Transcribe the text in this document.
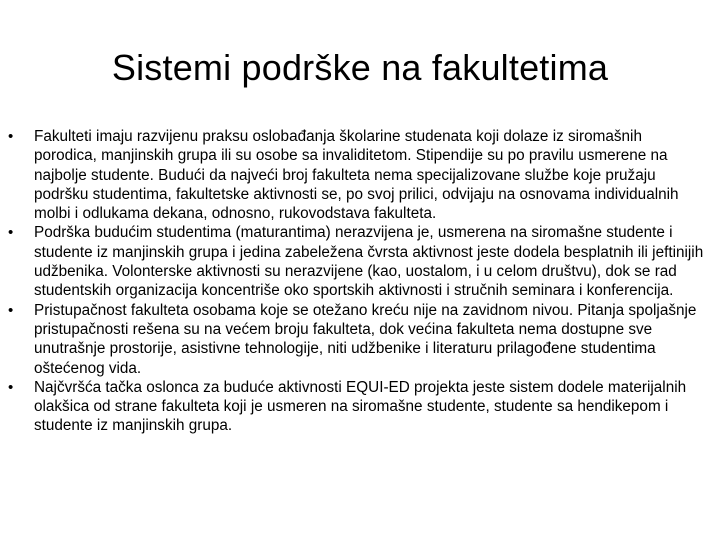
Sistemi podrške na fakultetima
• Fakulteti imaju razvijenu praksu oslobađanja školarine studenata koji dolaze iz siromašnih porodica, manjinskih grupa ili su osobe sa invaliditetom. Stipendije su po pravilu usmerene na najbolje studente. Budući da najveći broj fakulteta nema specijalizovane službe koje pružaju podršku studentima, fakultetske aktivnosti se, po svoj prilici, odvijaju na osnovama individualnih molbi i odlukama dekana, odnosno, rukovodstava fakulteta.
• Podrška budućim studentima (maturantima) nerazvijena je, usmerena na siromašne studente i studente iz manjinskih grupa i jedina zabeležena čvrsta aktivnost jeste dodela besplatnih ili jeftinijih udžbenika. Volonterske aktivnosti su nerazvijene (kao, uostalom, i u celom društvu), dok se rad studentskih organizacija koncentriše oko sportskih aktivnosti i stručnih seminara i konferencija.
• Pristupačnost fakulteta osobama koje se otežano kreću nije na zavidnom nivou. Pitanja spoljašnje pristupačnosti rešena su na većem broju fakulteta, dok većina fakulteta nema dostupne sve unutrašnje prostorije, asistivne tehnologije, niti udžbenike i literaturu prilagođene studentima oštećenog vida.
• Najčvršća tačka oslonca za buduće aktivnosti EQUI-ED projekta jeste sistem dodele materijalnih olakšica od strane fakulteta koji je usmeren na siromašne studente, studente sa hendikepom i studente iz manjinskih grupa.
